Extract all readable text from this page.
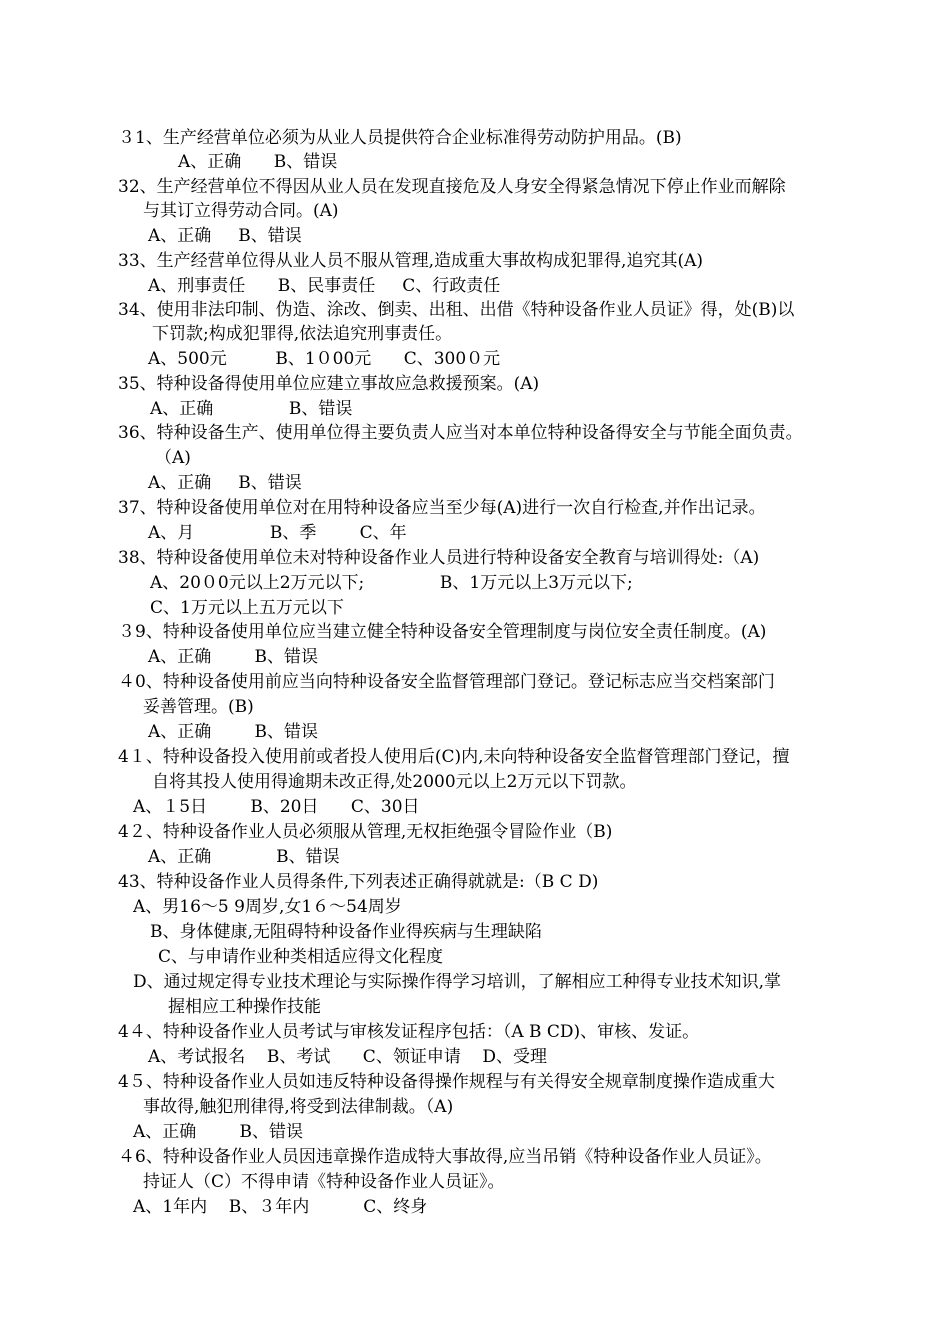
３1、生产经营单位必须为从业人员提供符合企业标准得劳动防护用品。(B)
A、正确      B、错误
32、生产经营单位不得因从业人员在发现直接危及人身安全得紧急情况下停止作业而解除
与其订立得劳动合同。(A)
A、正确     B、错误
33、生产经营单位得从业人员不服从管理,造成重大事故构成犯罪得,追究其(A)
A、刑事责任      B、民事责任     C、行政责任
34、使用非法印制、伪造、涂改、倒卖、出租、出借《特种设备作业人员证》得，处(B)以
下罚款;构成犯罪得,依法追究刑事责任。
A、500元         B、1０00元      C、300０元
35、特种设备得使用单位应建立事故应急救援预案。(A)
A、正确              B、错误
36、特种设备生产、使用单位得主要负责人应当对本单位特种设备得安全与节能全面负责。
（A)
A、正确     B、错误
37、特种设备使用单位对在用特种设备应当至少每(A)进行一次自行检查,并作出记录。
A、月              B、季        C、年
38、特种设备使用单位未对特种设备作业人员进行特种设备安全教育与培训得处:（A)
A、20０0元以上2万元以下;              B、1万元以上3万元以下;
C、1万元以上五万元以下
３9、特种设备使用单位应当建立健全特种设备安全管理制度与岗位安全责任制度。(A)
A、正确        B、错误
４0、特种设备使用前应当向特种设备安全监督管理部门登记。登记标志应当交档案部门
妥善管理。(B)
A、正确        B、错误
4１、特种设备投入使用前或者投人使用后(C)内,未向特种设备安全监督管理部门登记，擅
自将其投人使用得逾期未改正得,处2000元以上2万元以下罚款。
A、１5日        B、20日      C、30日
4２、特种设备作业人员必须服从管理,无权拒绝强令冒险作业（B)
A、正确            B、错误
43、特种设备作业人员得条件,下列表述正确得就就是:（B C D)
A、男16～5 9周岁,女1６～54周岁
B、身体健康,无阻碍特种设备作业得疾病与生理缺陷
C、与申请作业种类相适应得文化程度
D、通过规定得专业技术理论与实际操作得学习培训，了解相应工种得专业技术知识,掌
握相应工种操作技能
4４、特种设备作业人员考试与审核发证程序包括：（A B CD)、审核、发证。
A、考试报名    B、考试      C、领证申请    D、受理
4５、特种设备作业人员如违反特种设备得操作规程与有关得安全规章制度操作造成重大
事故得,触犯刑律得,将受到法律制裁。（A)
A、正确        B、错误
４6、特种设备作业人员因违章操作造成特大事故得,应当吊销《特种设备作业人员证》。
持证人（C）不得申请《特种设备作业人员证》。
A、1年内    B、３年内          C、终身
